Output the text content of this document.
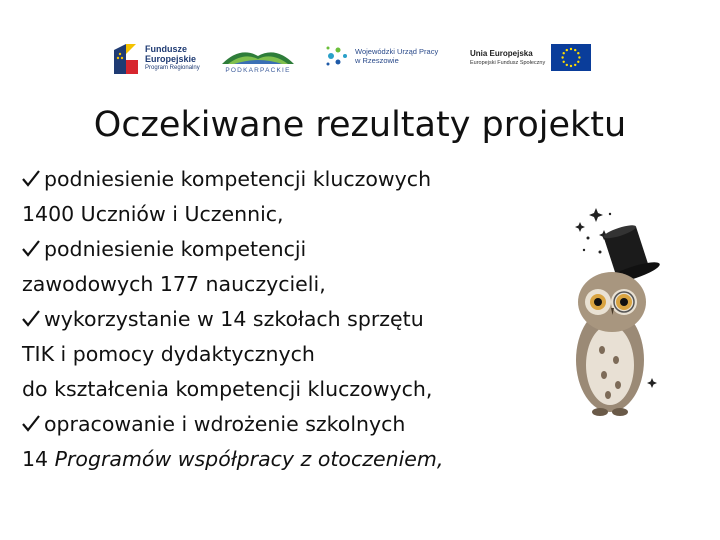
Fundusze
Europejskie
Program Regionalny	PODKARPACKIE
Wojewódzki Urząd Pracy
w Rzeszowie
Unia Europejska
Europejski Fundusz Społeczny
Oczekiwane rezultaty projektu
podniesienie kompetencji kluczowych
1400 Uczniów i Uczennic,
podniesienie kompetencji
zawodowych 177 nauczycieli,
wykorzystanie w 14 szkołach sprzętu
TIK i pomocy dydaktycznych
do kształcenia kompetencji kluczowych,
opracowanie i wdrożenie szkolnych
14 Programów współpracy z otoczeniem,
